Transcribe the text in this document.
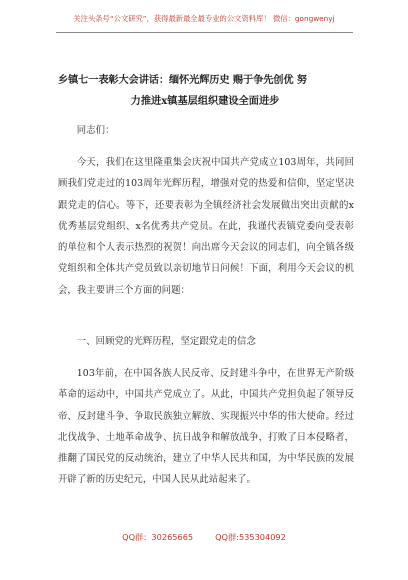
关注头条号“公文研究”，获得最新最全最专业的公文资料库！ 微信：gongwenyj
乡镇七一表彰大会讲话：缅怀光辉历史 赐于争先创优 努
力推进x镇基层组织建设全面进步
同志们：
今天，我们在这里隆重集会庆祝中国共产党成立103周年，共同回顾我们党走过的103周年光辉历程，增强对党的热爱和信仰，坚定坚决跟党走的信心。等下，还要表彰为全镇经济社会发展做出突出贡献的x优秀基层党组织、x名优秀共产党员。在此，我谨代表镇党委向受表彰的单位和个人表示热烈的祝贺！向出席今天会议的同志们，向全镇各级党组织和全体共产党员致以亲切地节日问候！下面，利用今天会议的机会，我主要讲三个方面的问题：
一、回顾党的光辉历程，坚定跟党走的信念
103年前，在中国各族人民反帝、反封建斗争中，在世界无产阶级革命的运动中，中国共产党成立了。从此，中国共产党担负起了领导反帝、反封建斗争、争取民族独立解放、实现振兴中华的伟大使命。经过北伐战争、土地革命战争、抗日战争和解放战争，打败了日本侵略者，推翻了国民党的反动统治，建立了中华人民共和国，为中华民族的发展开辟了新的历史纪元，中国人民从此站起来了。
QQ群：30265665	QQ群:535304092
